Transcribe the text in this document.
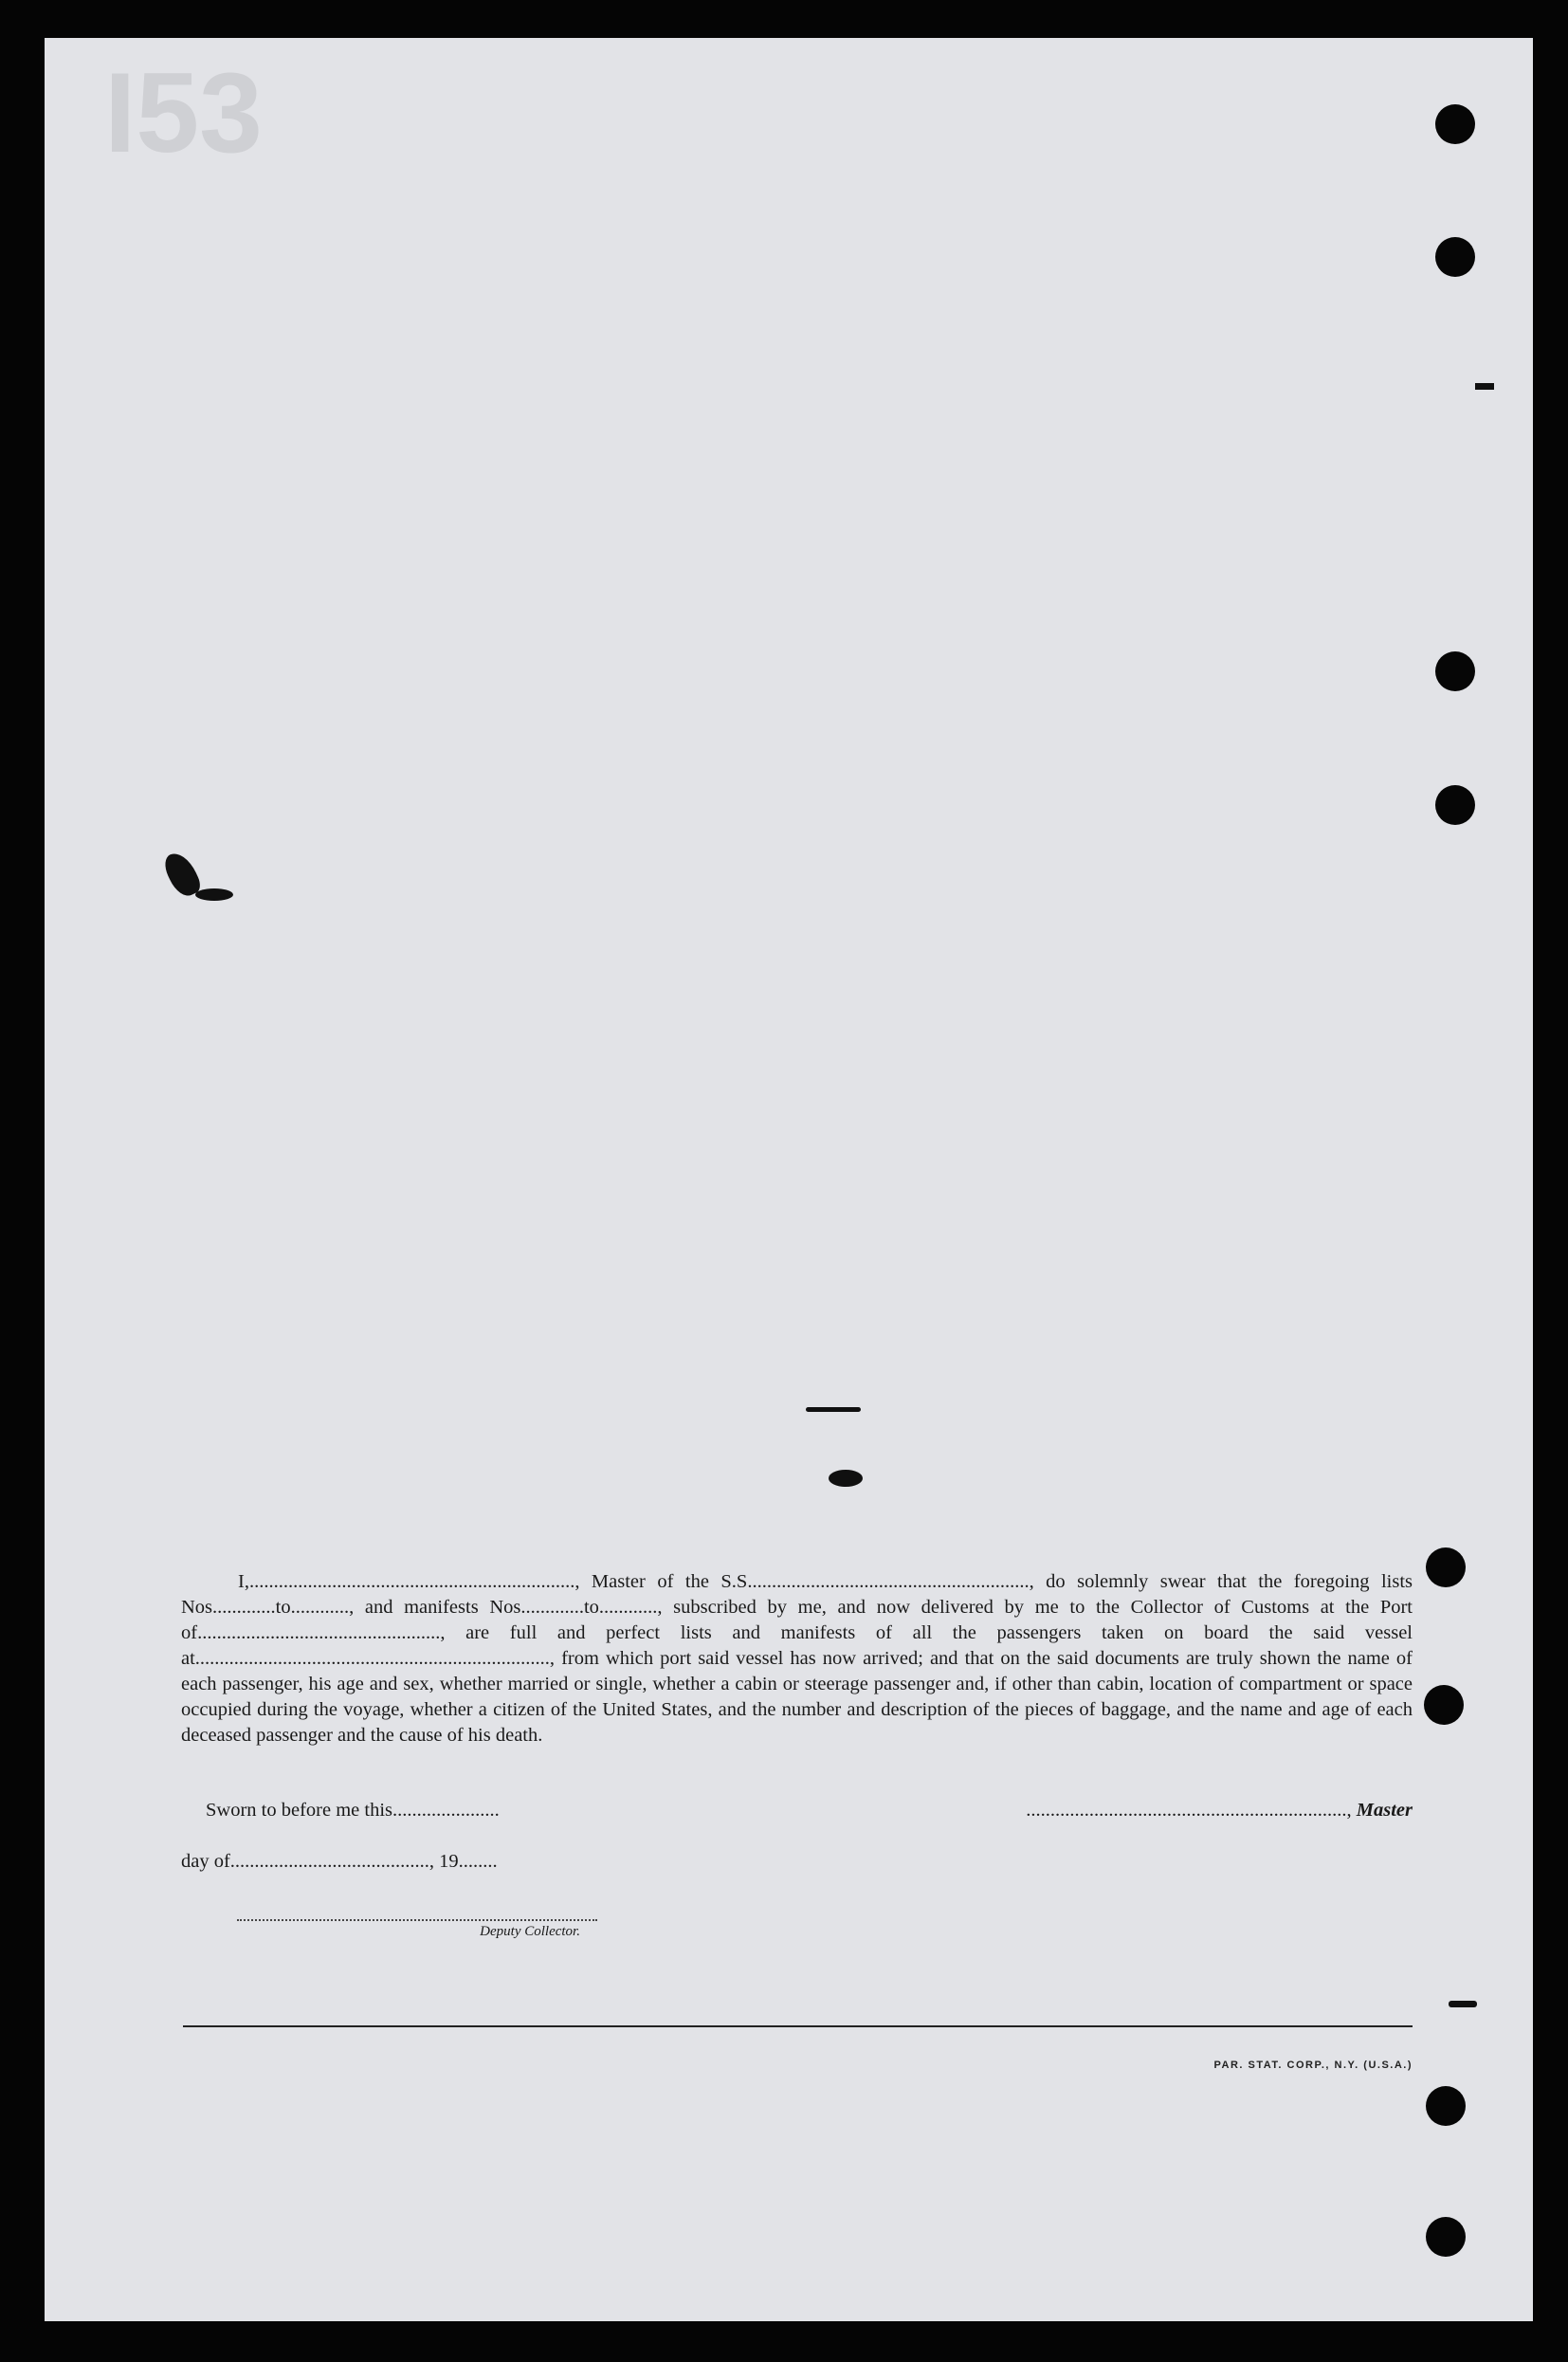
I53

I,..................................................................., Master of the S.S.........................................................., do solemnly swear that the foregoing lists Nos.............to............, and manifests Nos.............to............, subscribed by me, and now delivered by me to the Collector of Customs at the Port of.................................................., are full and perfect lists and manifests of all the passengers taken on board the said vessel at........................................................................., from which port said vessel has now arrived; and that on the said documents are truly shown the name of each passenger, his age and sex, whether married or single, whether a cabin or steerage passenger and, if other than cabin, location of compartment or space occupied during the voyage, whether a citizen of the United States, and the number and description of the pieces of baggage, and the name and age of each deceased passenger and the cause of his death.

Sworn to before me this......................	.................................................................., Master
day of........................................., 19........
Deputy Collector.
PAR. STAT. CORP., N.Y. (U.S.A.)
